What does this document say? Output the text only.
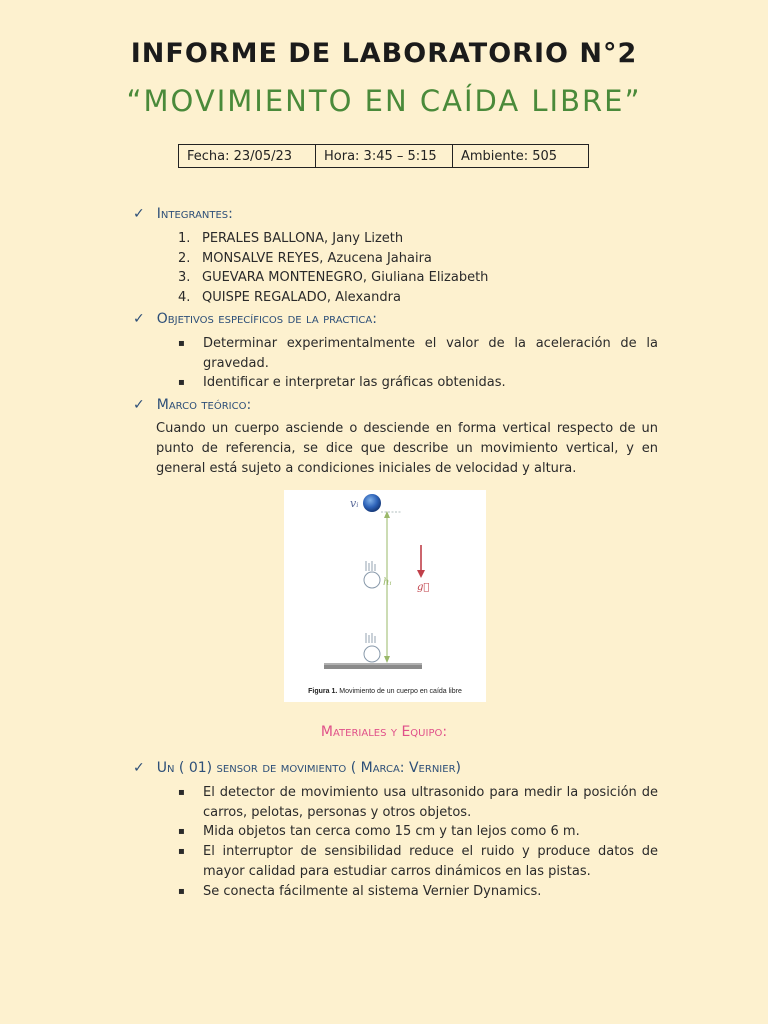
INFORME DE LABORATORIO N°2
“MOVIMIENTO EN CAÍDA LIBRE”
Fecha: 23/05/23	Hora: 3:45 – 5:15	Ambiente: 505
✓ Integrantes:
1. PERALES BALLONA, Jany Lizeth
2. MONSALVE REYES, Azucena Jahaira
3. GUEVARA MONTENEGRO, Giuliana Elizabeth
4. QUISPE REGALADO, Alexandra
✓ Objetivos específicos de la practica:
▪ Determinar experimentalmente el valor de la aceleración de la gravedad.
▪ Identificar e interpretar las gráficas obtenidas.
✓ Marco teórico:
Cuando un cuerpo asciende o desciende en forma vertical respecto de un punto de referencia, se dice que describe un movimiento vertical, y en general está sujeto a condiciones iniciales de velocidad y altura.
vᵢ
hᵢ	g⃗
Figura 1. Movimiento de un cuerpo en caída libre
Materiales y Equipo:
✓ Un ( 01) sensor de movimiento ( Marca: Vernier)
▪ El detector de movimiento usa ultrasonido para medir la posición de carros, pelotas, personas y otros objetos.
▪ Mida objetos tan cerca como 15 cm y tan lejos como 6 m.
▪ El interruptor de sensibilidad reduce el ruido y produce datos de mayor calidad para estudiar carros dinámicos en las pistas.
▪ Se conecta fácilmente al sistema Vernier Dynamics.
